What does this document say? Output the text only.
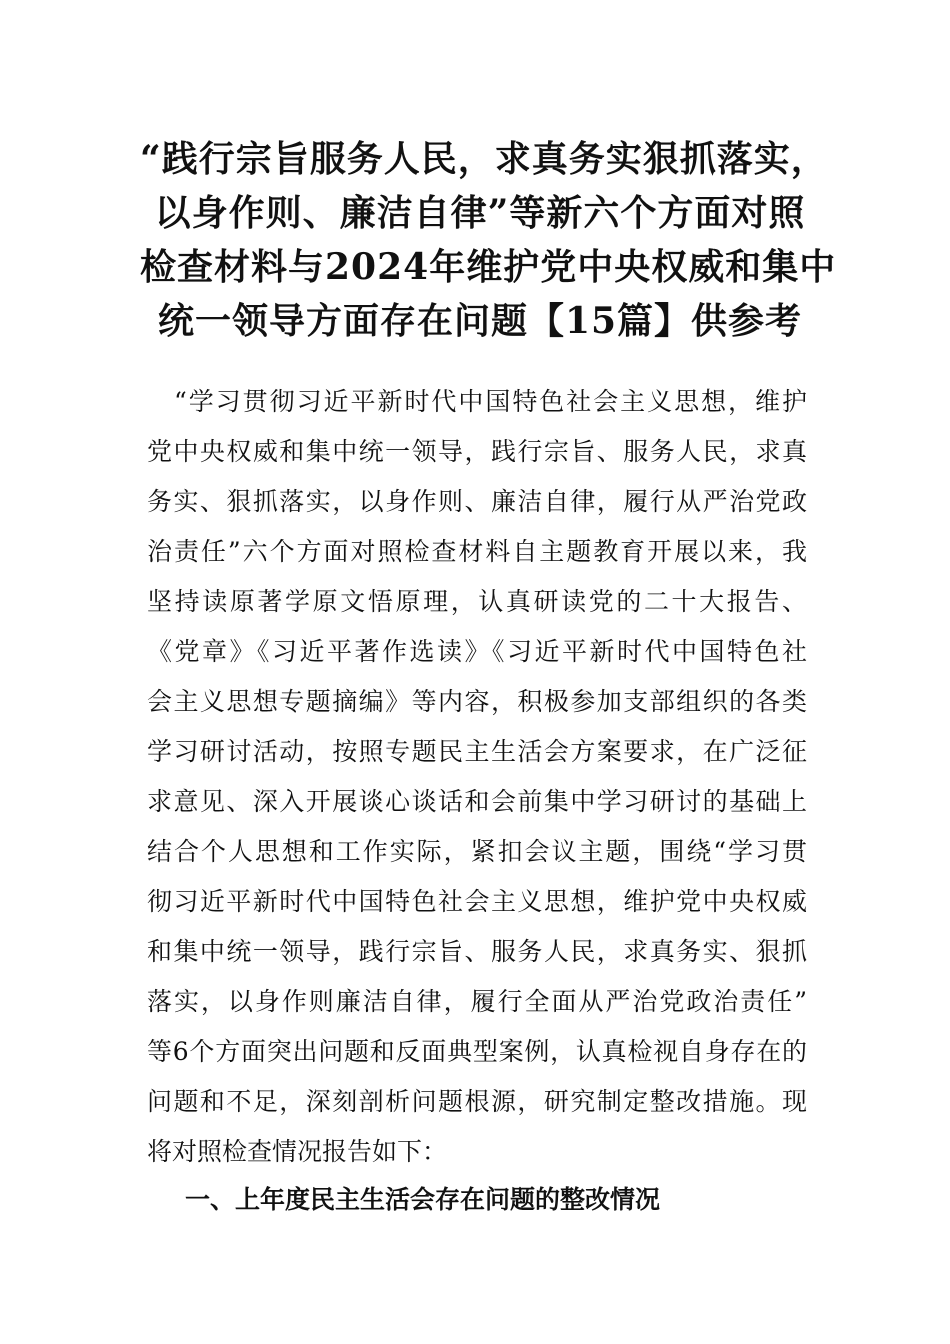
“践行宗旨服务人民，求真务实狠抓落实，
以身作则、廉洁自律”等新六个方面对照
检查材料与2024年维护党中央权威和集中
统一领导方面存在问题【15篇】供参考
　“学习贯彻习近平新时代中国特色社会主义思想，维护
党中央权威和集中统一领导，践行宗旨、服务人民，求真
务实、狠抓落实，以身作则、廉洁自律，履行从严治党政
治责任”六个方面对照检查材料自主题教育开展以来，我
坚持读原著学原文悟原理，认真研读党的二十大报告、
《党章》《习近平著作选读》《习近平新时代中国特色社
会主义思想专题摘编》等内容，积极参加支部组织的各类
学习研讨活动，按照专题民主生活会方案要求，在广泛征
求意见、深入开展谈心谈话和会前集中学习研讨的基础上
结合个人思想和工作实际，紧扣会议主题，围绕“学习贯
彻习近平新时代中国特色社会主义思想，维护党中央权威
和集中统一领导，践行宗旨、服务人民，求真务实、狠抓
落实，以身作则廉洁自律，履行全面从严治党政治责任”
等6个方面突出问题和反面典型案例，认真检视自身存在的
问题和不足，深刻剖析问题根源，研究制定整改措施。现
将对照检查情况报告如下：
一、上年度民主生活会存在问题的整改情况
